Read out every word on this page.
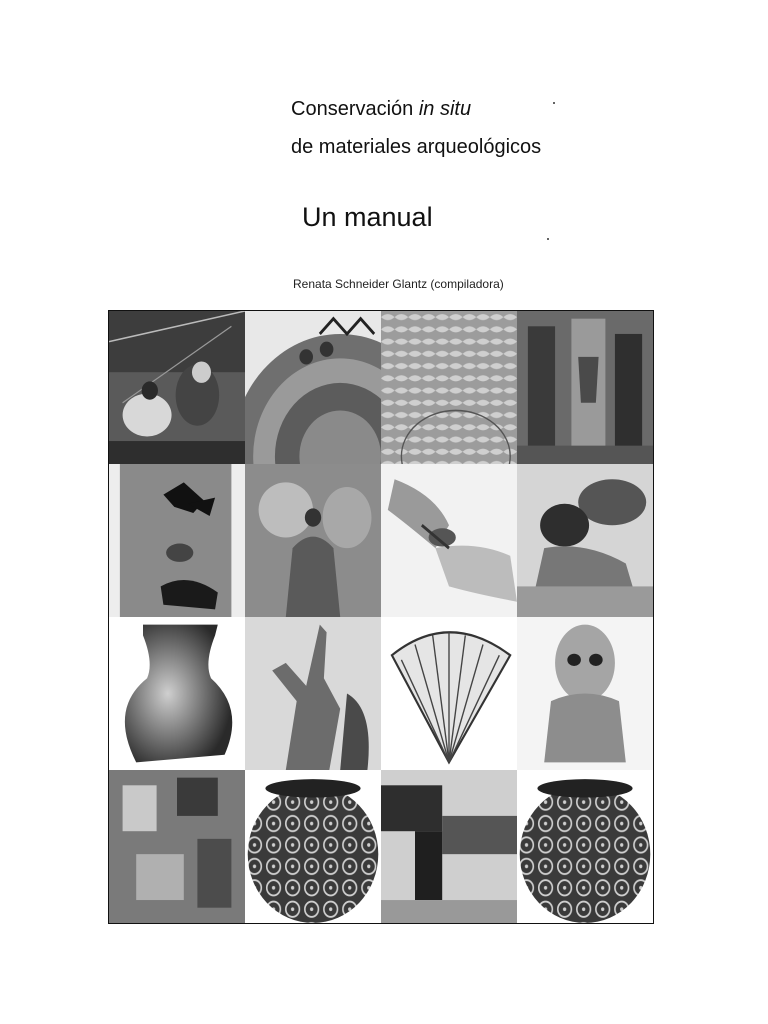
Conservación in situ
de materiales arqueológicos
Un manual
Renata Schneider Glantz (compiladora)
